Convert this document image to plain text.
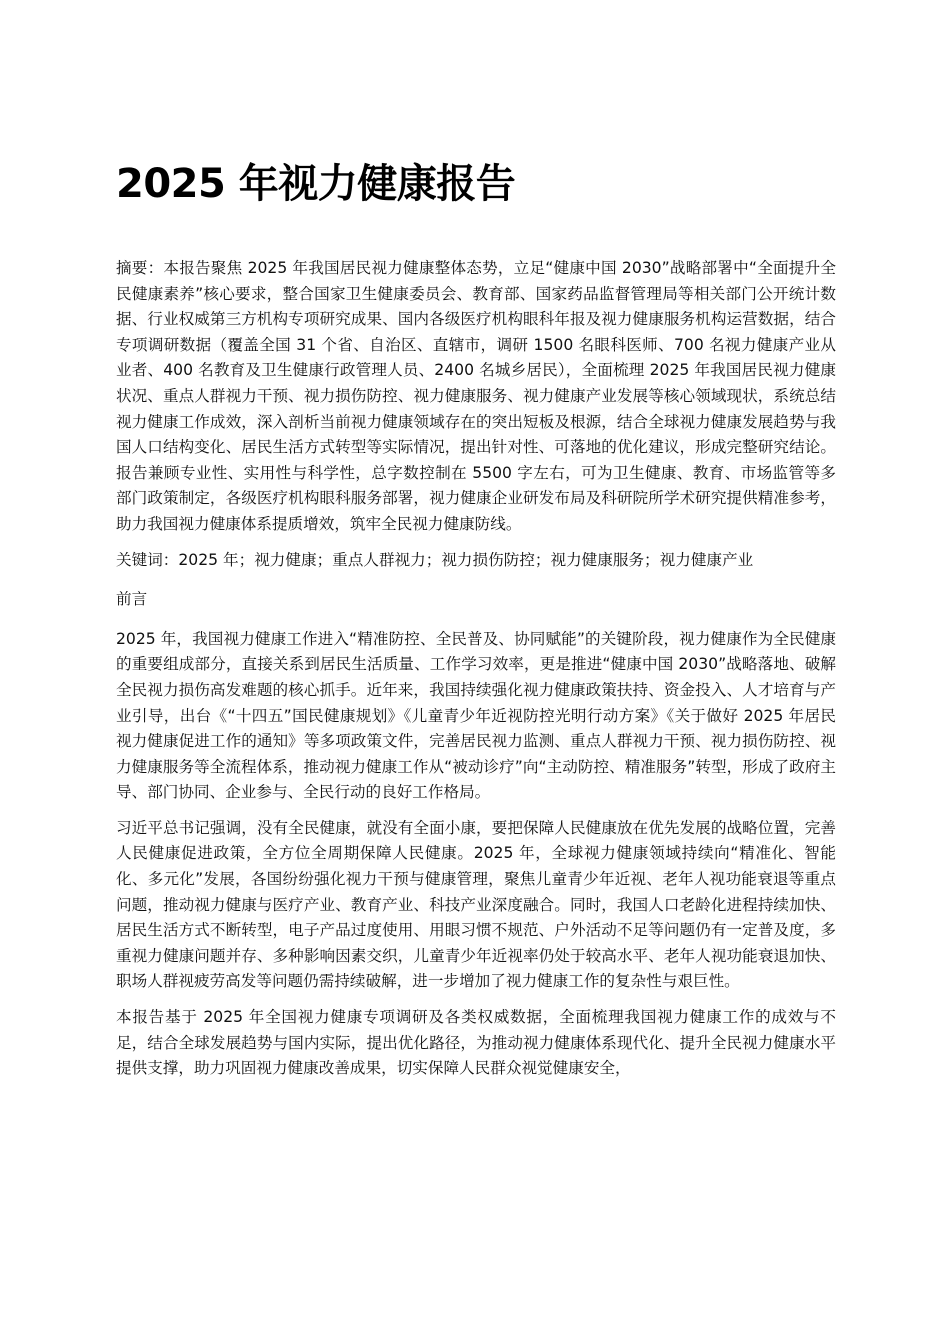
2025 年视力健康报告

摘要：本报告聚焦 2025 年我国居民视力健康整体态势，立足“健康中国 2030”战略部署中“全面提升全民健康素养”核心要求，整合国家卫生健康委员会、教育部、国家药品监督管理局等相关部门公开统计数据、行业权威第三方机构专项研究成果、国内各级医疗机构眼科年报及视力健康服务机构运营数据，结合专项调研数据（覆盖全国 31 个省、自治区、直辖市，调研 1500 名眼科医师、700 名视力健康产业从业者、400 名教育及卫生健康行政管理人员、2400 名城乡居民），全面梳理 2025 年我国居民视力健康状况、重点人群视力干预、视力损伤防控、视力健康服务、视力健康产业发展等核心领域现状，系统总结视力健康工作成效，深入剖析当前视力健康领域存在的突出短板及根源，结合全球视力健康发展趋势与我国人口结构变化、居民生活方式转型等实际情况，提出针对性、可落地的优化建议，形成完整研究结论。报告兼顾专业性、实用性与科学性，总字数控制在 5500 字左右，可为卫生健康、教育、市场监管等多部门政策制定，各级医疗机构眼科服务部署，视力健康企业研发布局及科研院所学术研究提供精准参考，助力我国视力健康体系提质增效，筑牢全民视力健康防线。

关键词：2025 年；视力健康；重点人群视力；视力损伤防控；视力健康服务；视力健康产业

前言

2025 年，我国视力健康工作进入“精准防控、全民普及、协同赋能”的关键阶段，视力健康作为全民健康的重要组成部分，直接关系到居民生活质量、工作学习效率，更是推进“健康中国 2030”战略落地、破解全民视力损伤高发难题的核心抓手。近年来，我国持续强化视力健康政策扶持、资金投入、人才培育与产业引导，出台《“十四五”国民健康规划》《儿童青少年近视防控光明行动方案》《关于做好 2025 年居民视力健康促进工作的通知》等多项政策文件，完善居民视力监测、重点人群视力干预、视力损伤防控、视力健康服务等全流程体系，推动视力健康工作从“被动诊疗”向“主动防控、精准服务”转型，形成了政府主导、部门协同、企业参与、全民行动的良好工作格局。

习近平总书记强调，没有全民健康，就没有全面小康，要把保障人民健康放在优先发展的战略位置，完善人民健康促进政策，全方位全周期保障人民健康。2025 年，全球视力健康领域持续向“精准化、智能化、多元化”发展，各国纷纷强化视力干预与健康管理，聚焦儿童青少年近视、老年人视功能衰退等重点问题，推动视力健康与医疗产业、教育产业、科技产业深度融合。同时，我国人口老龄化进程持续加快、居民生活方式不断转型，电子产品过度使用、用眼习惯不规范、户外活动不足等问题仍有一定普及度，多重视力健康问题并存、多种影响因素交织，儿童青少年近视率仍处于较高水平、老年人视功能衰退加快、职场人群视疲劳高发等问题仍需持续破解，进一步增加了视力健康工作的复杂性与艰巨性。

本报告基于 2025 年全国视力健康专项调研及各类权威数据，全面梳理我国视力健康工作的成效与不足，结合全球发展趋势与国内实际，提出优化路径，为推动视力健康体系现代化、提升全民视力健康水平提供支撑，助力巩固视力健康改善成果，切实保障人民群众视觉健康安全，
